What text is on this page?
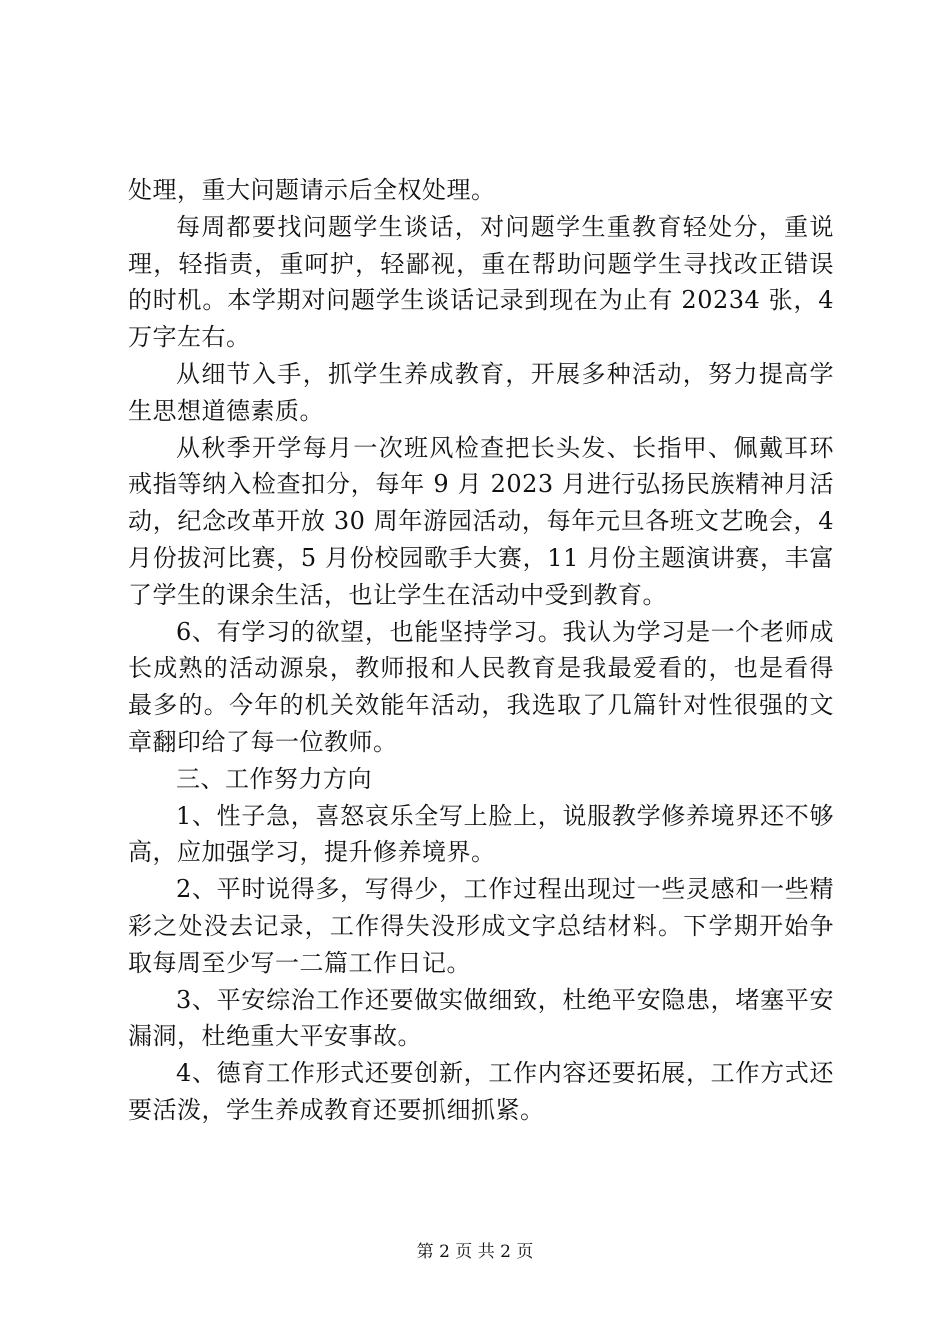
处理，重大问题请示后全权处理。

每周都要找问题学生谈话，对问题学生重教育轻处分，重说理，轻指责，重呵护，轻鄙视，重在帮助问题学生寻找改正错误的时机。本学期对问题学生谈话记录到现在为止有 20234 张，4 万字左右。

从细节入手，抓学生养成教育，开展多种活动，努力提高学生思想道德素质。

从秋季开学每月一次班风检查把长头发、长指甲、佩戴耳环戒指等纳入检查扣分，每年 9 月 2023 月进行弘扬民族精神月活动，纪念改革开放 30 周年游园活动，每年元旦各班文艺晚会，4 月份拔河比赛，5 月份校园歌手大赛，11 月份主题演讲赛，丰富了学生的课余生活，也让学生在活动中受到教育。

6、有学习的欲望，也能坚持学习。我认为学习是一个老师成长成熟的活动源泉，教师报和人民教育是我最爱看的，也是看得最多的。今年的机关效能年活动，我选取了几篇针对性很强的文章翻印给了每一位教师。

三、工作努力方向

1、性子急，喜怒哀乐全写上脸上，说服教学修养境界还不够高，应加强学习，提升修养境界。

2、平时说得多，写得少，工作过程出现过一些灵感和一些精彩之处没去记录，工作得失没形成文字总结材料。下学期开始争取每周至少写一二篇工作日记。

3、平安综治工作还要做实做细致，杜绝平安隐患，堵塞平安漏洞，杜绝重大平安事故。

4、德育工作形式还要创新，工作内容还要拓展，工作方式还要活泼，学生养成教育还要抓细抓紧。

第 2 页 共 2 页
